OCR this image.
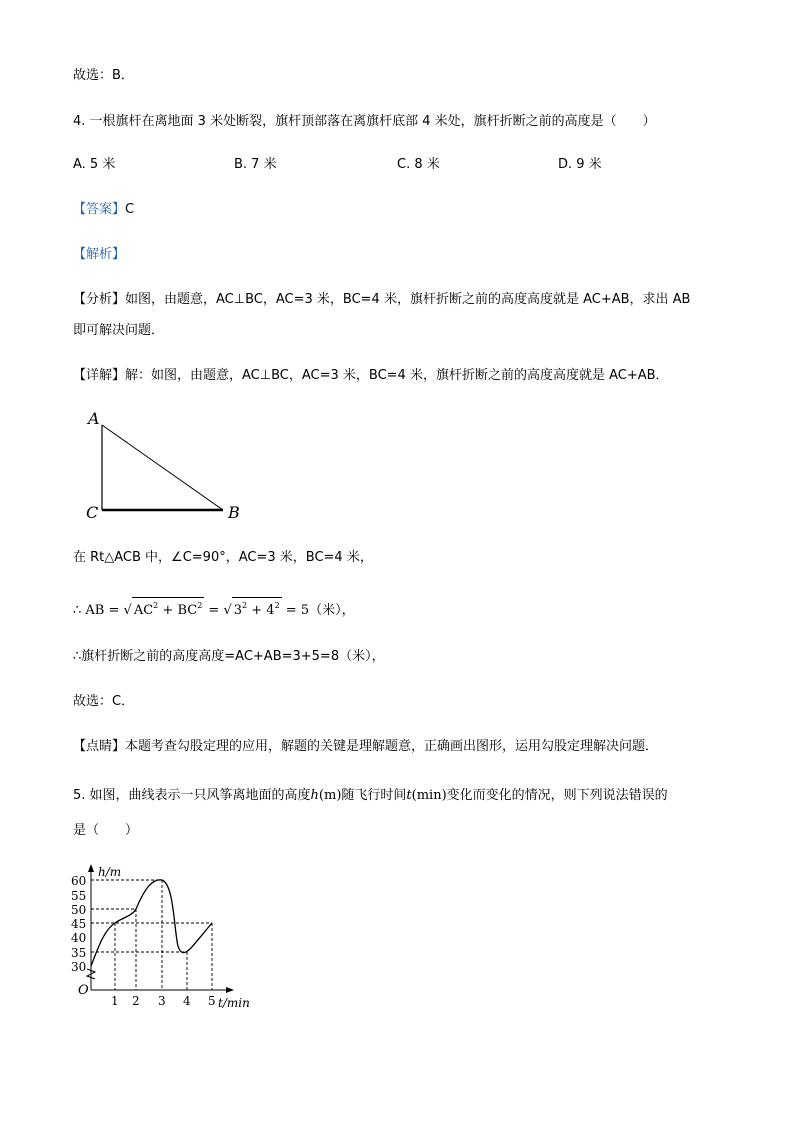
故选：B．
4. 一根旗杆在离地面 3 米处断裂，旗杆顶部落在离旗杆底部 4 米处，旗杆折断之前的高度是（　　）
A. 5 米	B. 7 米	C. 8 米	D. 9 米
【答案】C
【解析】
【分析】如图，由题意，AC⊥BC，AC=3 米，BC=4 米，旗杆折断之前的高度高度就是 AC+AB，求出 AB
即可解决问题．
【详解】解：如图，由题意，AC⊥BC，AC=3 米，BC=4 米，旗杆折断之前的高度高度就是 AC+AB．
A
C	B
在 Rt△ACB 中，∠C=90°，AC=3 米，BC=4 米，
∴ AB = √ $AC^2 + BC^2$ = √ $3^2 + 4^2 = 5$（米），
∴旗杆折断之前的高度高度=AC+AB=3+5=8（米），
故选：C．
【点睛】本题考查勾股定理的应用，解题的关键是理解题意，正确画出图形，运用勾股定理解决问题．
5. 如图，曲线表示一只风筝离地面的高度h(m)随飞行时间t(min)变化而变化的情况，则下列说法错误的
是（　　）
60
55
50
45
40
35
30
1 2 3 4 5
O
h/m
t/min
